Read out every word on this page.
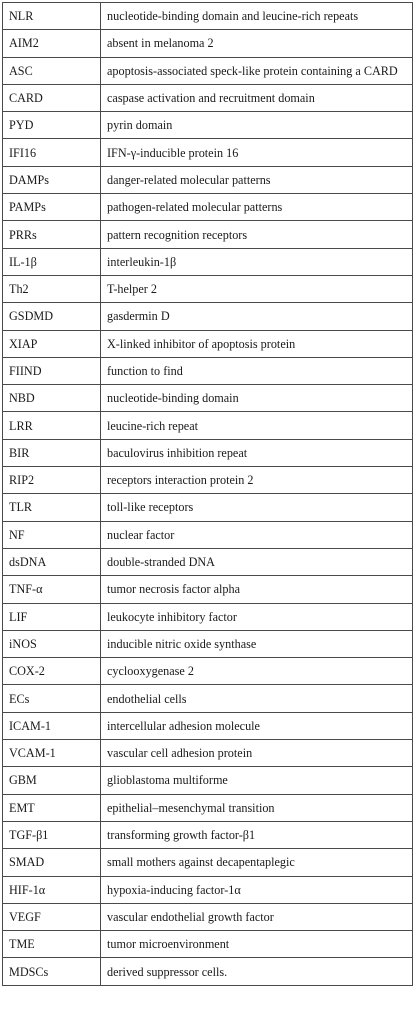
NLR	nucleotide-binding domain and leucine-rich repeats
AIM2	absent in melanoma 2
ASC	apoptosis-associated speck-like protein containing a CARD
CARD	caspase activation and recruitment domain
PYD	pyrin domain
IFI16	IFN-γ-inducible protein 16
DAMPs	danger-related molecular patterns
PAMPs	pathogen-related molecular patterns
PRRs	pattern recognition receptors
IL-1β	interleukin-1β
Th2	T-helper 2
GSDMD	gasdermin D
XIAP	X-linked inhibitor of apoptosis protein
FIIND	function to find
NBD	nucleotide-binding domain
LRR	leucine-rich repeat
BIR	baculovirus inhibition repeat
RIP2	receptors interaction protein 2
TLR	toll-like receptors
NF	nuclear factor
dsDNA	double-stranded DNA
TNF-α	tumor necrosis factor alpha
LIF	leukocyte inhibitory factor
iNOS	inducible nitric oxide synthase
COX-2	cyclooxygenase 2
ECs	endothelial cells
ICAM-1	intercellular adhesion molecule
VCAM-1	vascular cell adhesion protein
GBM	glioblastoma multiforme
EMT	epithelial–mesenchymal transition
TGF-β1	transforming growth factor-β1
SMAD	small mothers against decapentaplegic
HIF-1α	hypoxia-inducing factor-1α
VEGF	vascular endothelial growth factor
TME	tumor microenvironment
MDSCs	derived suppressor cells.
